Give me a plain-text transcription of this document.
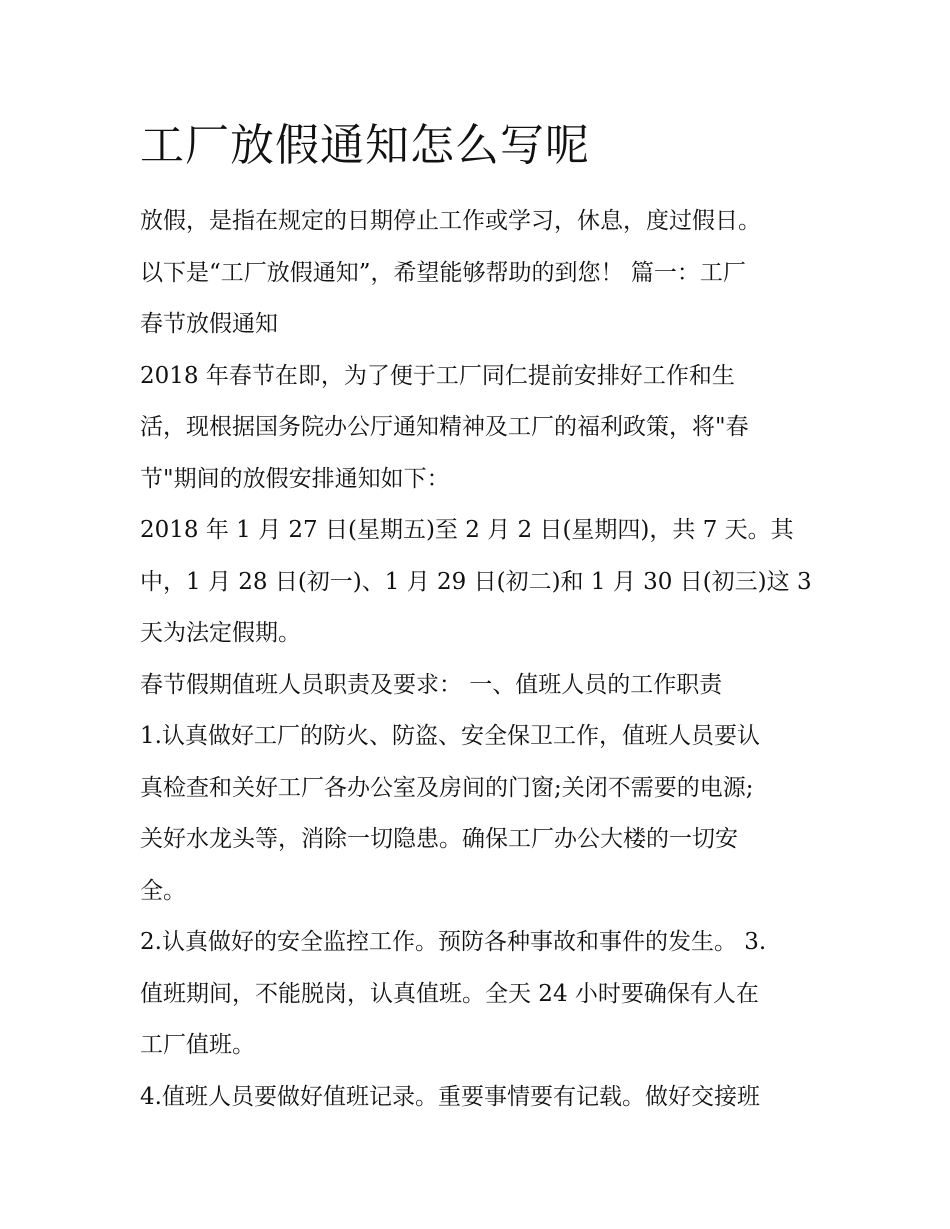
工厂放假通知怎么写呢
放假，是指在规定的日期停止工作或学习，休息，度过假日。
以下是“工厂放假通知”，希望能够帮助的到您！ 篇一：工厂
春节放假通知
2018 年春节在即，为了便于工厂同仁提前安排好工作和生
活，现根据国务院办公厅通知精神及工厂的福利政策，将"春
节"期间的放假安排通知如下：
2018 年 1 月 27 日(星期五)至 2 月 2 日(星期四)，共 7 天。其
中，1 月 28 日(初一)、1 月 29 日(初二)和 1 月 30 日(初三)这 3
天为法定假期。
春节假期值班人员职责及要求： 一、值班人员的工作职责
1.认真做好工厂的防火、防盗、安全保卫工作，值班人员要认
真检查和关好工厂各办公室及房间的门窗;关闭不需要的电源;
关好水龙头等，消除一切隐患。确保工厂办公大楼的一切安
全。
2.认真做好的安全监控工作。预防各种事故和事件的发生。 3.
值班期间，不能脱岗，认真值班。全天 24 小时要确保有人在
工厂值班。
4.值班人员要做好值班记录。重要事情要有记载。做好交接班
